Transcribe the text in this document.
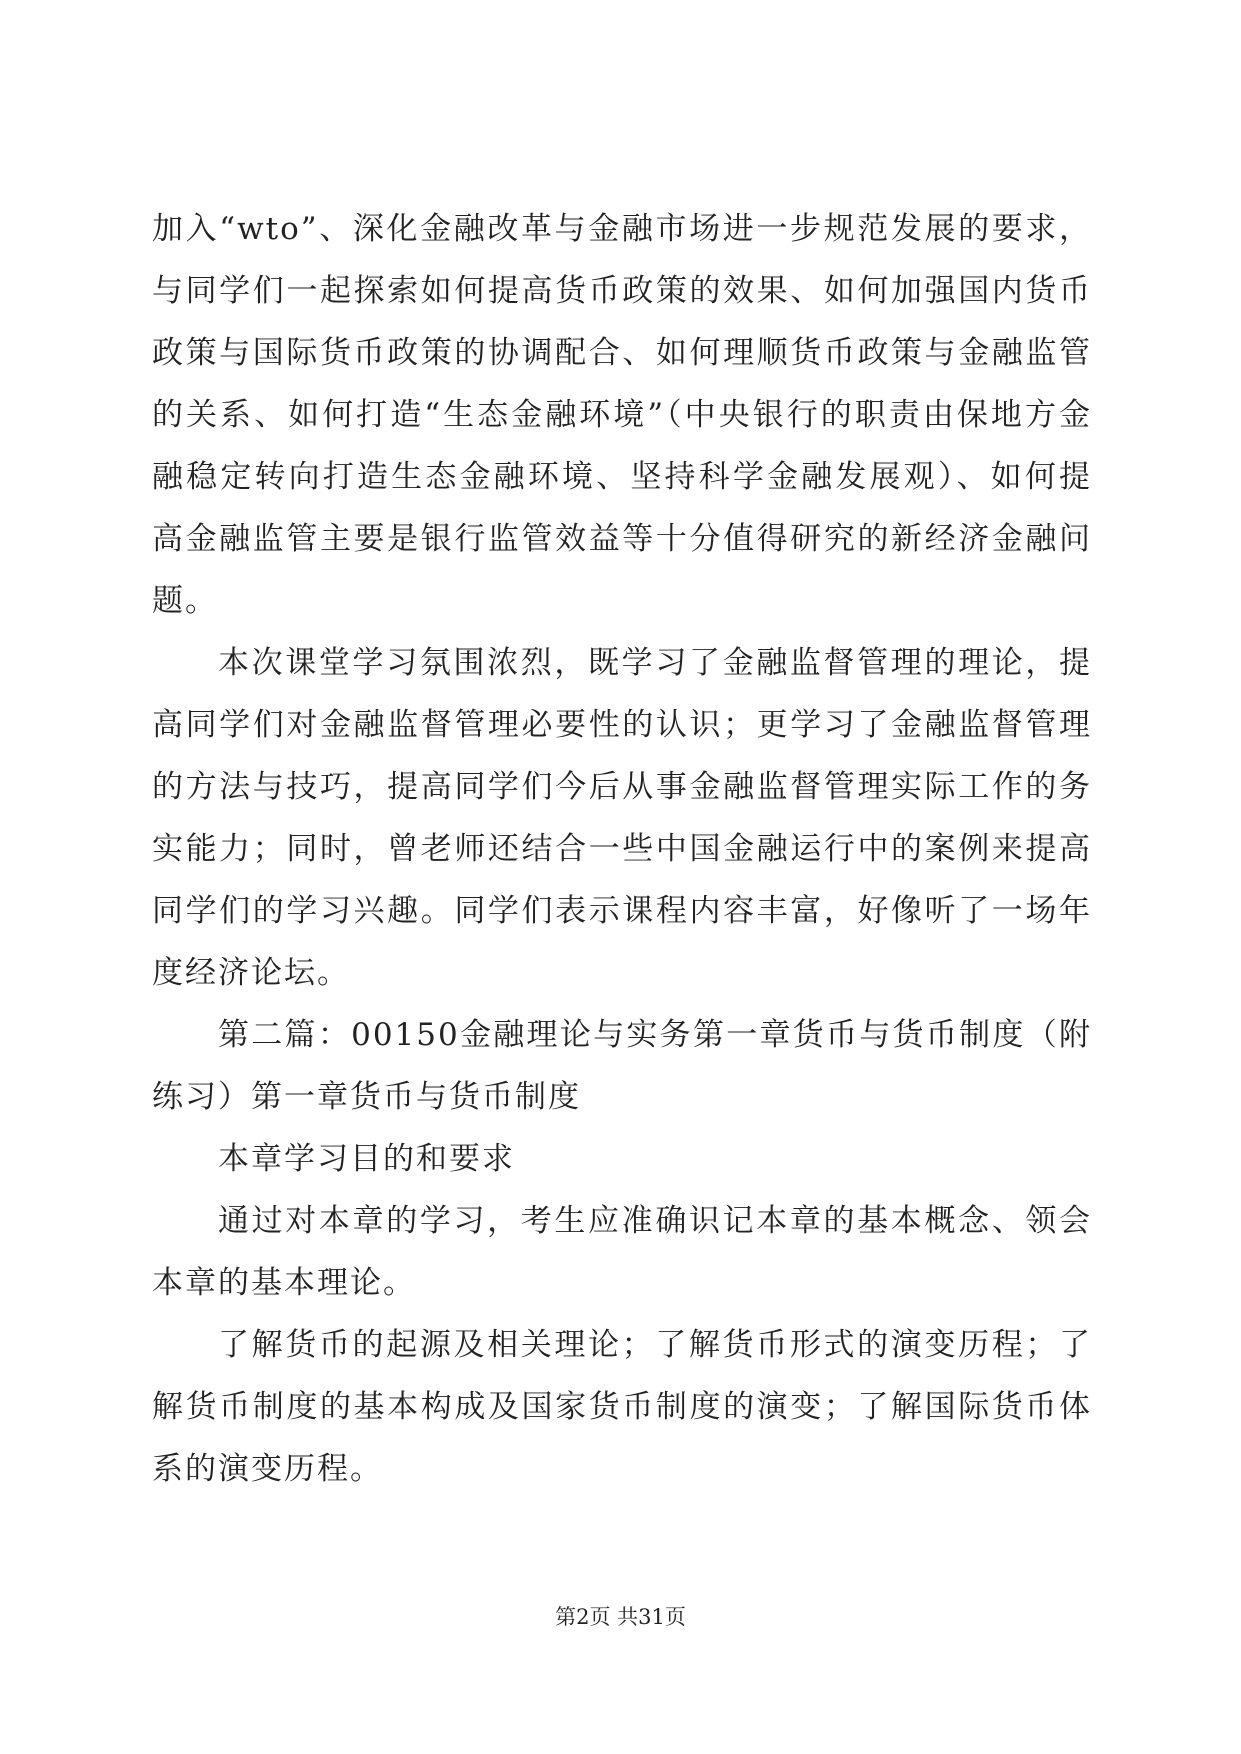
加入“wto”、深化金融改革与金融市场进一步规范发展的要求，与同学们一起探索如何提高货币政策的效果、如何加强国内货币政策与国际货币政策的协调配合、如何理顺货币政策与金融监管的关系、如何打造“生态金融环境”（中央银行的职责由保地方金融稳定转向打造生态金融环境、坚持科学金融发展观）、如何提高金融监管主要是银行监管效益等十分值得研究的新经济金融问题。

本次课堂学习氛围浓烈，既学习了金融监督管理的理论，提高同学们对金融监督管理必要性的认识；更学习了金融监督管理的方法与技巧，提高同学们今后从事金融监督管理实际工作的务实能力；同时，曾老师还结合一些中国金融运行中的案例来提高同学们的学习兴趣。同学们表示课程内容丰富，好像听了一场年度经济论坛。

第二篇：00150金融理论与实务第一章货币与货币制度（附练习）第一章货币与货币制度

本章学习目的和要求

通过对本章的学习，考生应准确识记本章的基本概念、领会本章的基本理论。

了解货币的起源及相关理论；了解货币形式的演变历程；了解货币制度的基本构成及国家货币制度的演变；了解国际货币体系的演变历程。

第2页 共31页
